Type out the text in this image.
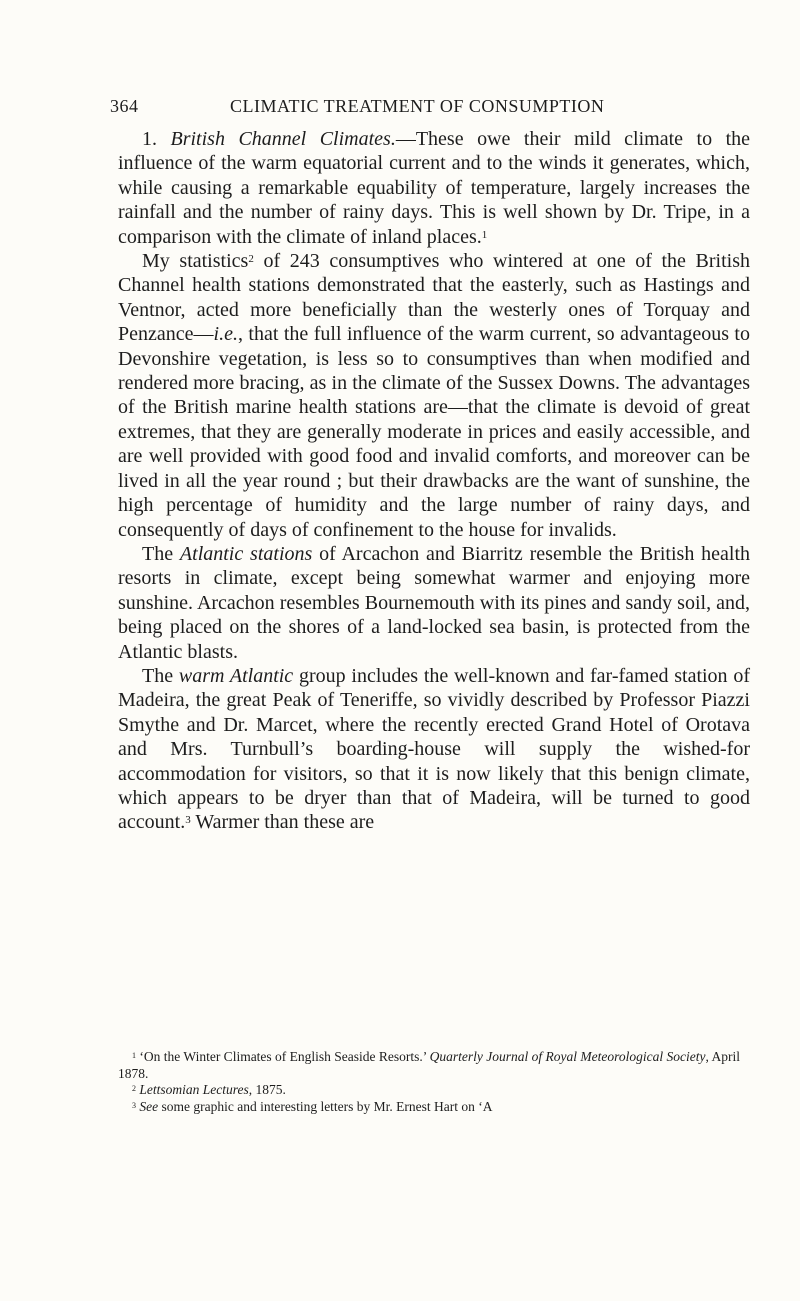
364	CLIMATIC TREATMENT OF CONSUMPTION

1. British Channel Climates.—These owe their mild climate to the influence of the warm equatorial current and to the winds it generates, which, while causing a remarkable equability of temperature, largely increases the rainfall and the number of rainy days. This is well shown by Dr. Tripe, in a comparison with the climate of inland places.$^1$

My statistics$^2$ of 243 consumptives who wintered at one of the British Channel health stations demonstrated that the easterly, such as Hastings and Ventnor, acted more beneficially than the westerly ones of Torquay and Penzance—i.e., that the full influence of the warm current, so advantageous to Devonshire vegetation, is less so to consumptives than when modified and rendered more bracing, as in the climate of the Sussex Downs. The advantages of the British marine health stations are—that the climate is devoid of great extremes, that they are generally moderate in prices and easily accessible, and are well provided with good food and invalid comforts, and moreover can be lived in all the year round ; but their drawbacks are the want of sunshine, the high percentage of humidity and the large number of rainy days, and consequently of days of confinement to the house for invalids.

The Atlantic stations of Arcachon and Biarritz resemble the British health resorts in climate, except being somewhat warmer and enjoying more sunshine. Arcachon resembles Bournemouth with its pines and sandy soil, and, being placed on the shores of a land-locked sea basin, is protected from the Atlantic blasts.

The warm Atlantic group includes the well-known and far-famed station of Madeira, the great Peak of Teneriffe, so vividly described by Professor Piazzi Smythe and Dr. Marcet, where the recently erected Grand Hotel of Orotava and Mrs. Turnbull’s boarding-house will supply the wished-for accommodation for visitors, so that it is now likely that this benign climate, which appears to be dryer than that of Madeira, will be turned to good account.$^3$ Warmer than these are

$^1$ ‘On the Winter Climates of English Seaside Resorts.’ Quarterly Journal of Royal Meteorological Society, April 1878.

$^2$ Lettsomian Lectures, 1875.

$^3$ See some graphic and interesting letters by Mr. Ernest Hart on ‘A
